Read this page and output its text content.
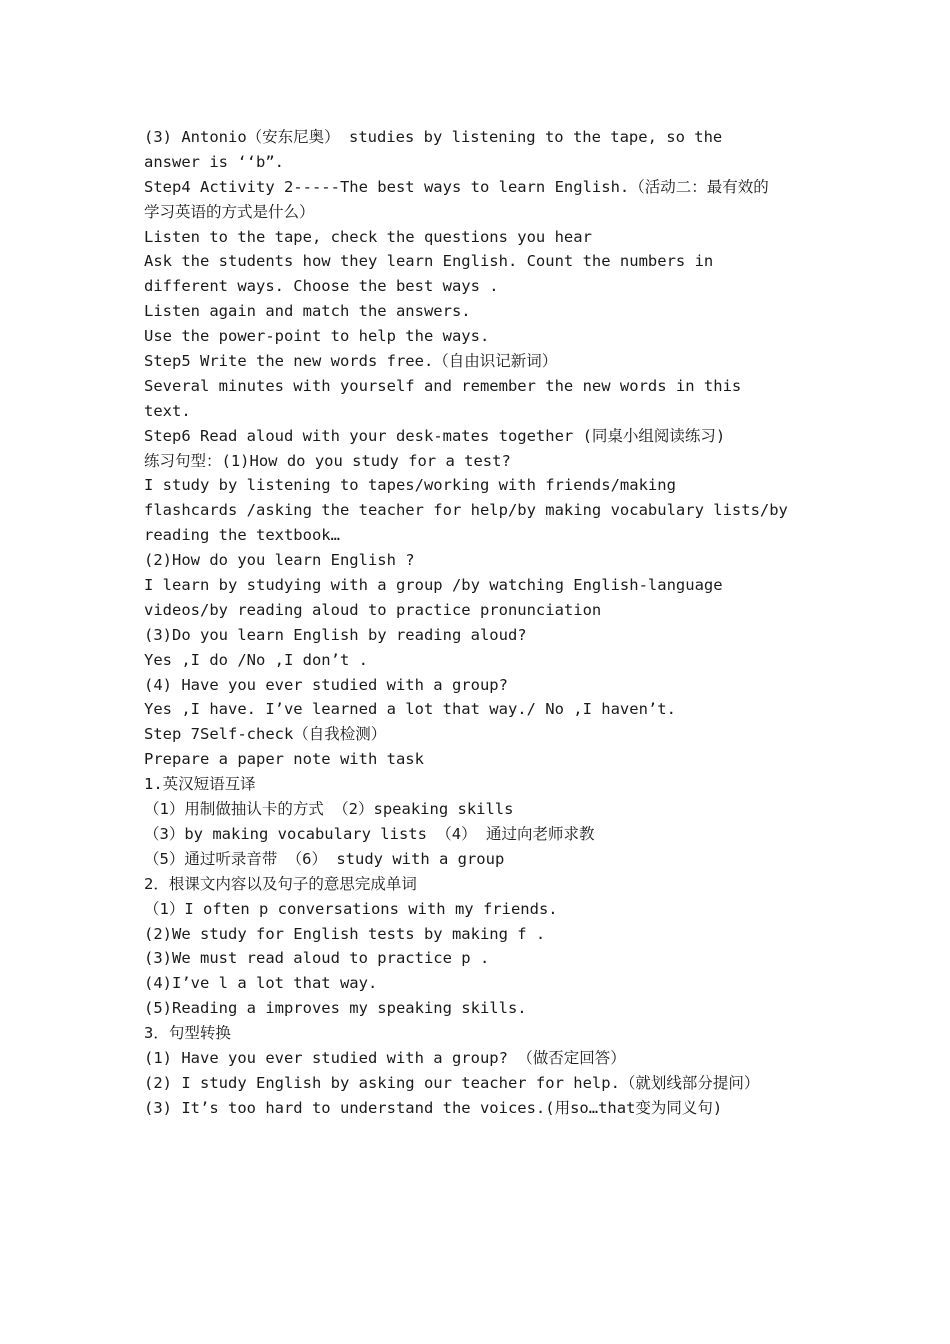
(3) Antonio（安东尼奥） studies by listening to the tape, so the
answer is ‘‘b”.
Step4 Activity 2-----The best ways to learn English.（活动二：最有效的
学习英语的方式是什么）
Listen to the tape, check the questions you hear
Ask the students how they learn English. Count the numbers in
different ways. Choose the best ways .
Listen again and match the answers.
Use the power-point to help the ways.
Step5 Write the new words free.（自由识记新词）
Several minutes with yourself and remember the new words in this
text.
Step6 Read aloud with your desk-mates together (同桌小组阅读练习)
练习句型：(1)How do you study for a test?
I study by listening to tapes/working with friends/making
flashcards /asking the teacher for help/by making vocabulary lists/by
reading the textbook…
(2)How do you learn English ?
I learn by studying with a group /by watching English-language
videos/by reading aloud to practice pronunciation
(3)Do you learn English by reading aloud?
Yes ,I do /No ,I don’t .
(4) Have you ever studied with a group?
Yes ,I have. I’ve learned a lot that way./ No ,I haven’t.
Step 7Self-check（自我检测）
Prepare a paper note with task
1.英汉短语互译
（1）用制做抽认卡的方式 （2）speaking skills
（3）by making vocabulary lists （4） 通过向老师求教
（5）通过听录音带 （6） study with a group
2．根课文内容以及句子的意思完成单词
（1）I often p conversations with my friends.
(2)We study for English tests by making f .
(3)We must read aloud to practice p .
(4)I’ve l a lot that way.
(5)Reading a improves my speaking skills.
3．句型转换
(1) Have you ever studied with a group? （做否定回答）
(2) I study English by asking our teacher for help.（就划线部分提问）
(3) It’s too hard to understand the voices.(用so…that变为同义句)
